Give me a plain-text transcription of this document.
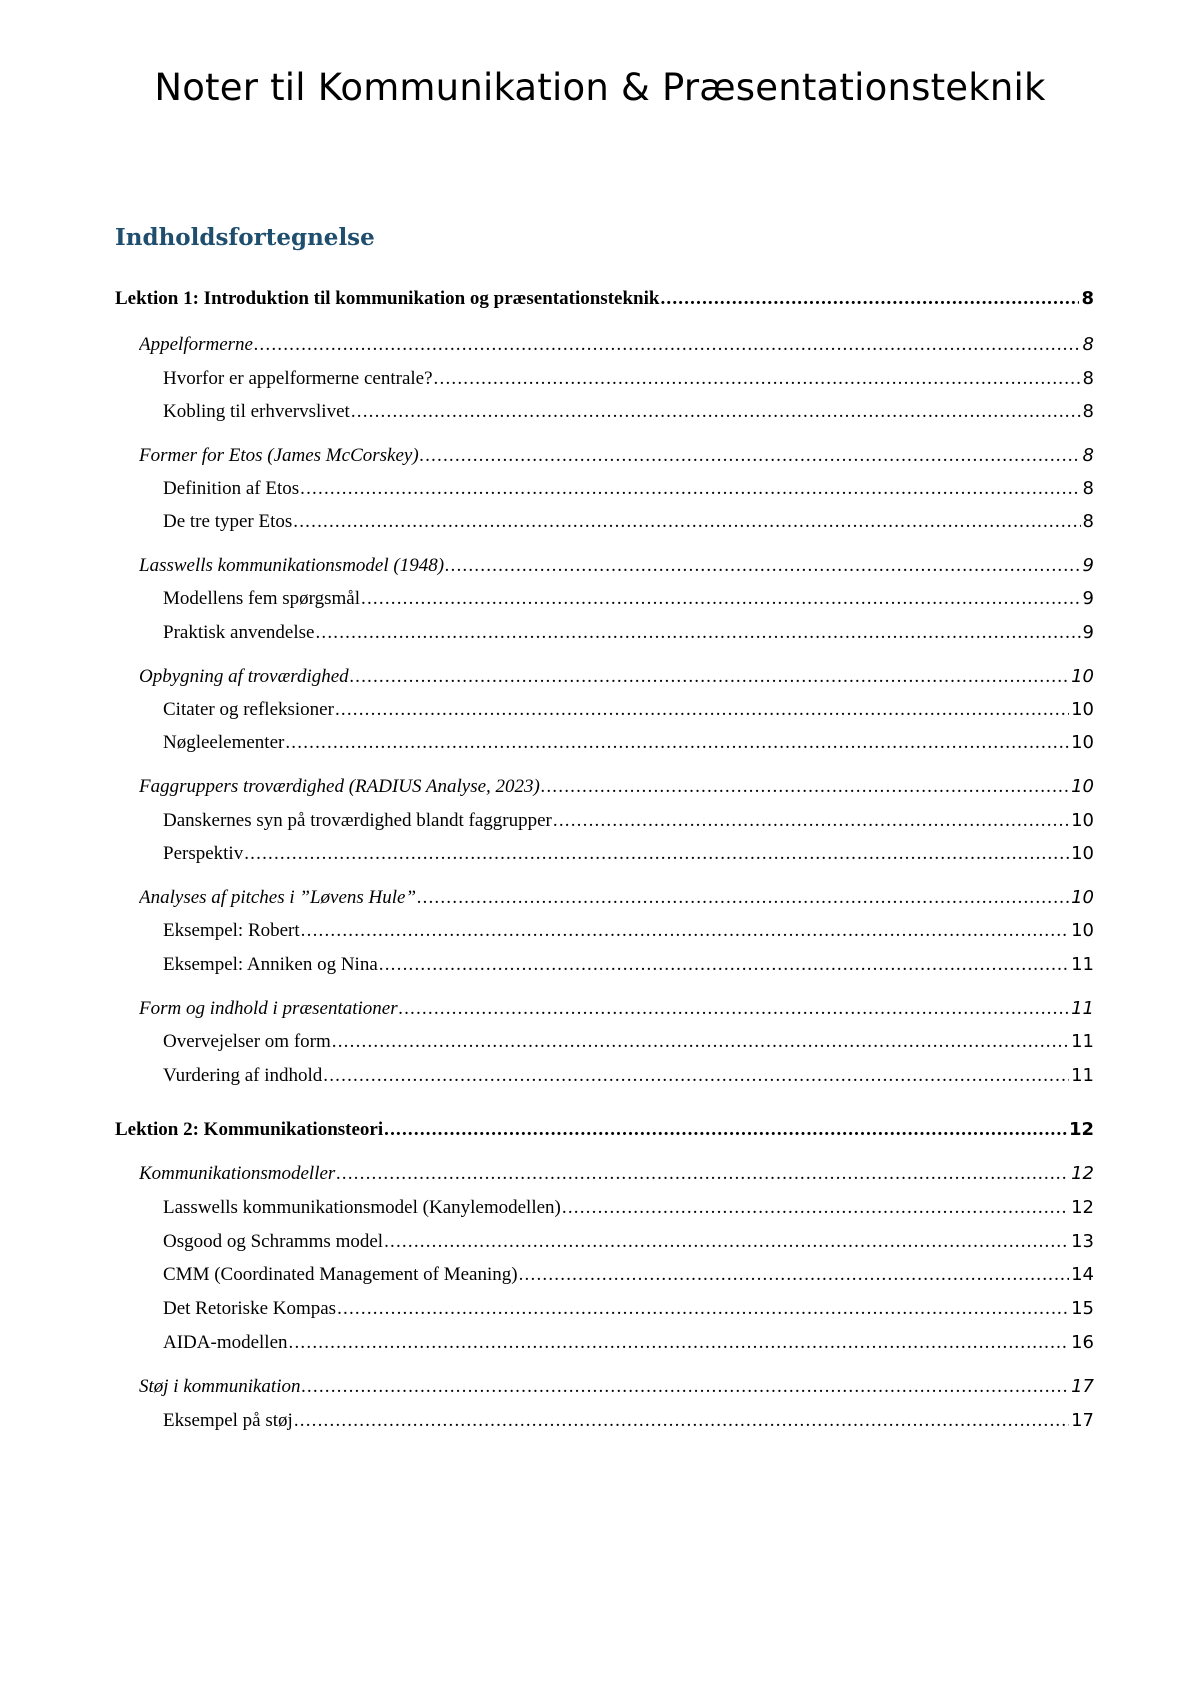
Noter til Kommunikation & Præsentationsteknik
Indholdsfortegnelse
Lektion 1: Introduktion til kommunikation og præsentationsteknik .....	8
Appelformerne .....	8
Hvorfor er appelformerne centrale? .....	8
Kobling til erhvervslivet .....	8
Former for Etos (James McCorskey) .....	8
Definition af Etos .....	8
De tre typer Etos .....	8
Lasswells kommunikationsmodel (1948) .....	9
Modellens fem spørgsmål .....	9
Praktisk anvendelse .....	9
Opbygning af troværdighed .....	10
Citater og refleksioner .....	10
Nøgleelementer .....	10
Faggruppers troværdighed (RADIUS Analyse, 2023) .....	10
Danskernes syn på troværdighed blandt faggrupper .....	10
Perspektiv .....	10
Analyses af pitches i ”Løvens Hule” .....	10
Eksempel: Robert .....	10
Eksempel: Anniken og Nina .....	11
Form og indhold i præsentationer .....	11
Overvejelser om form .....	11
Vurdering af indhold .....	11
Lektion 2: Kommunikationsteori .....	12
Kommunikationsmodeller .....	12
Lasswells kommunikationsmodel (Kanylemodellen) .....	12
Osgood og Schramms model .....	13
CMM (Coordinated Management of Meaning) .....	14
Det Retoriske Kompas .....	15
AIDA-modellen .....	16
Støj i kommunikation .....	17
Eksempel på støj .....	17
